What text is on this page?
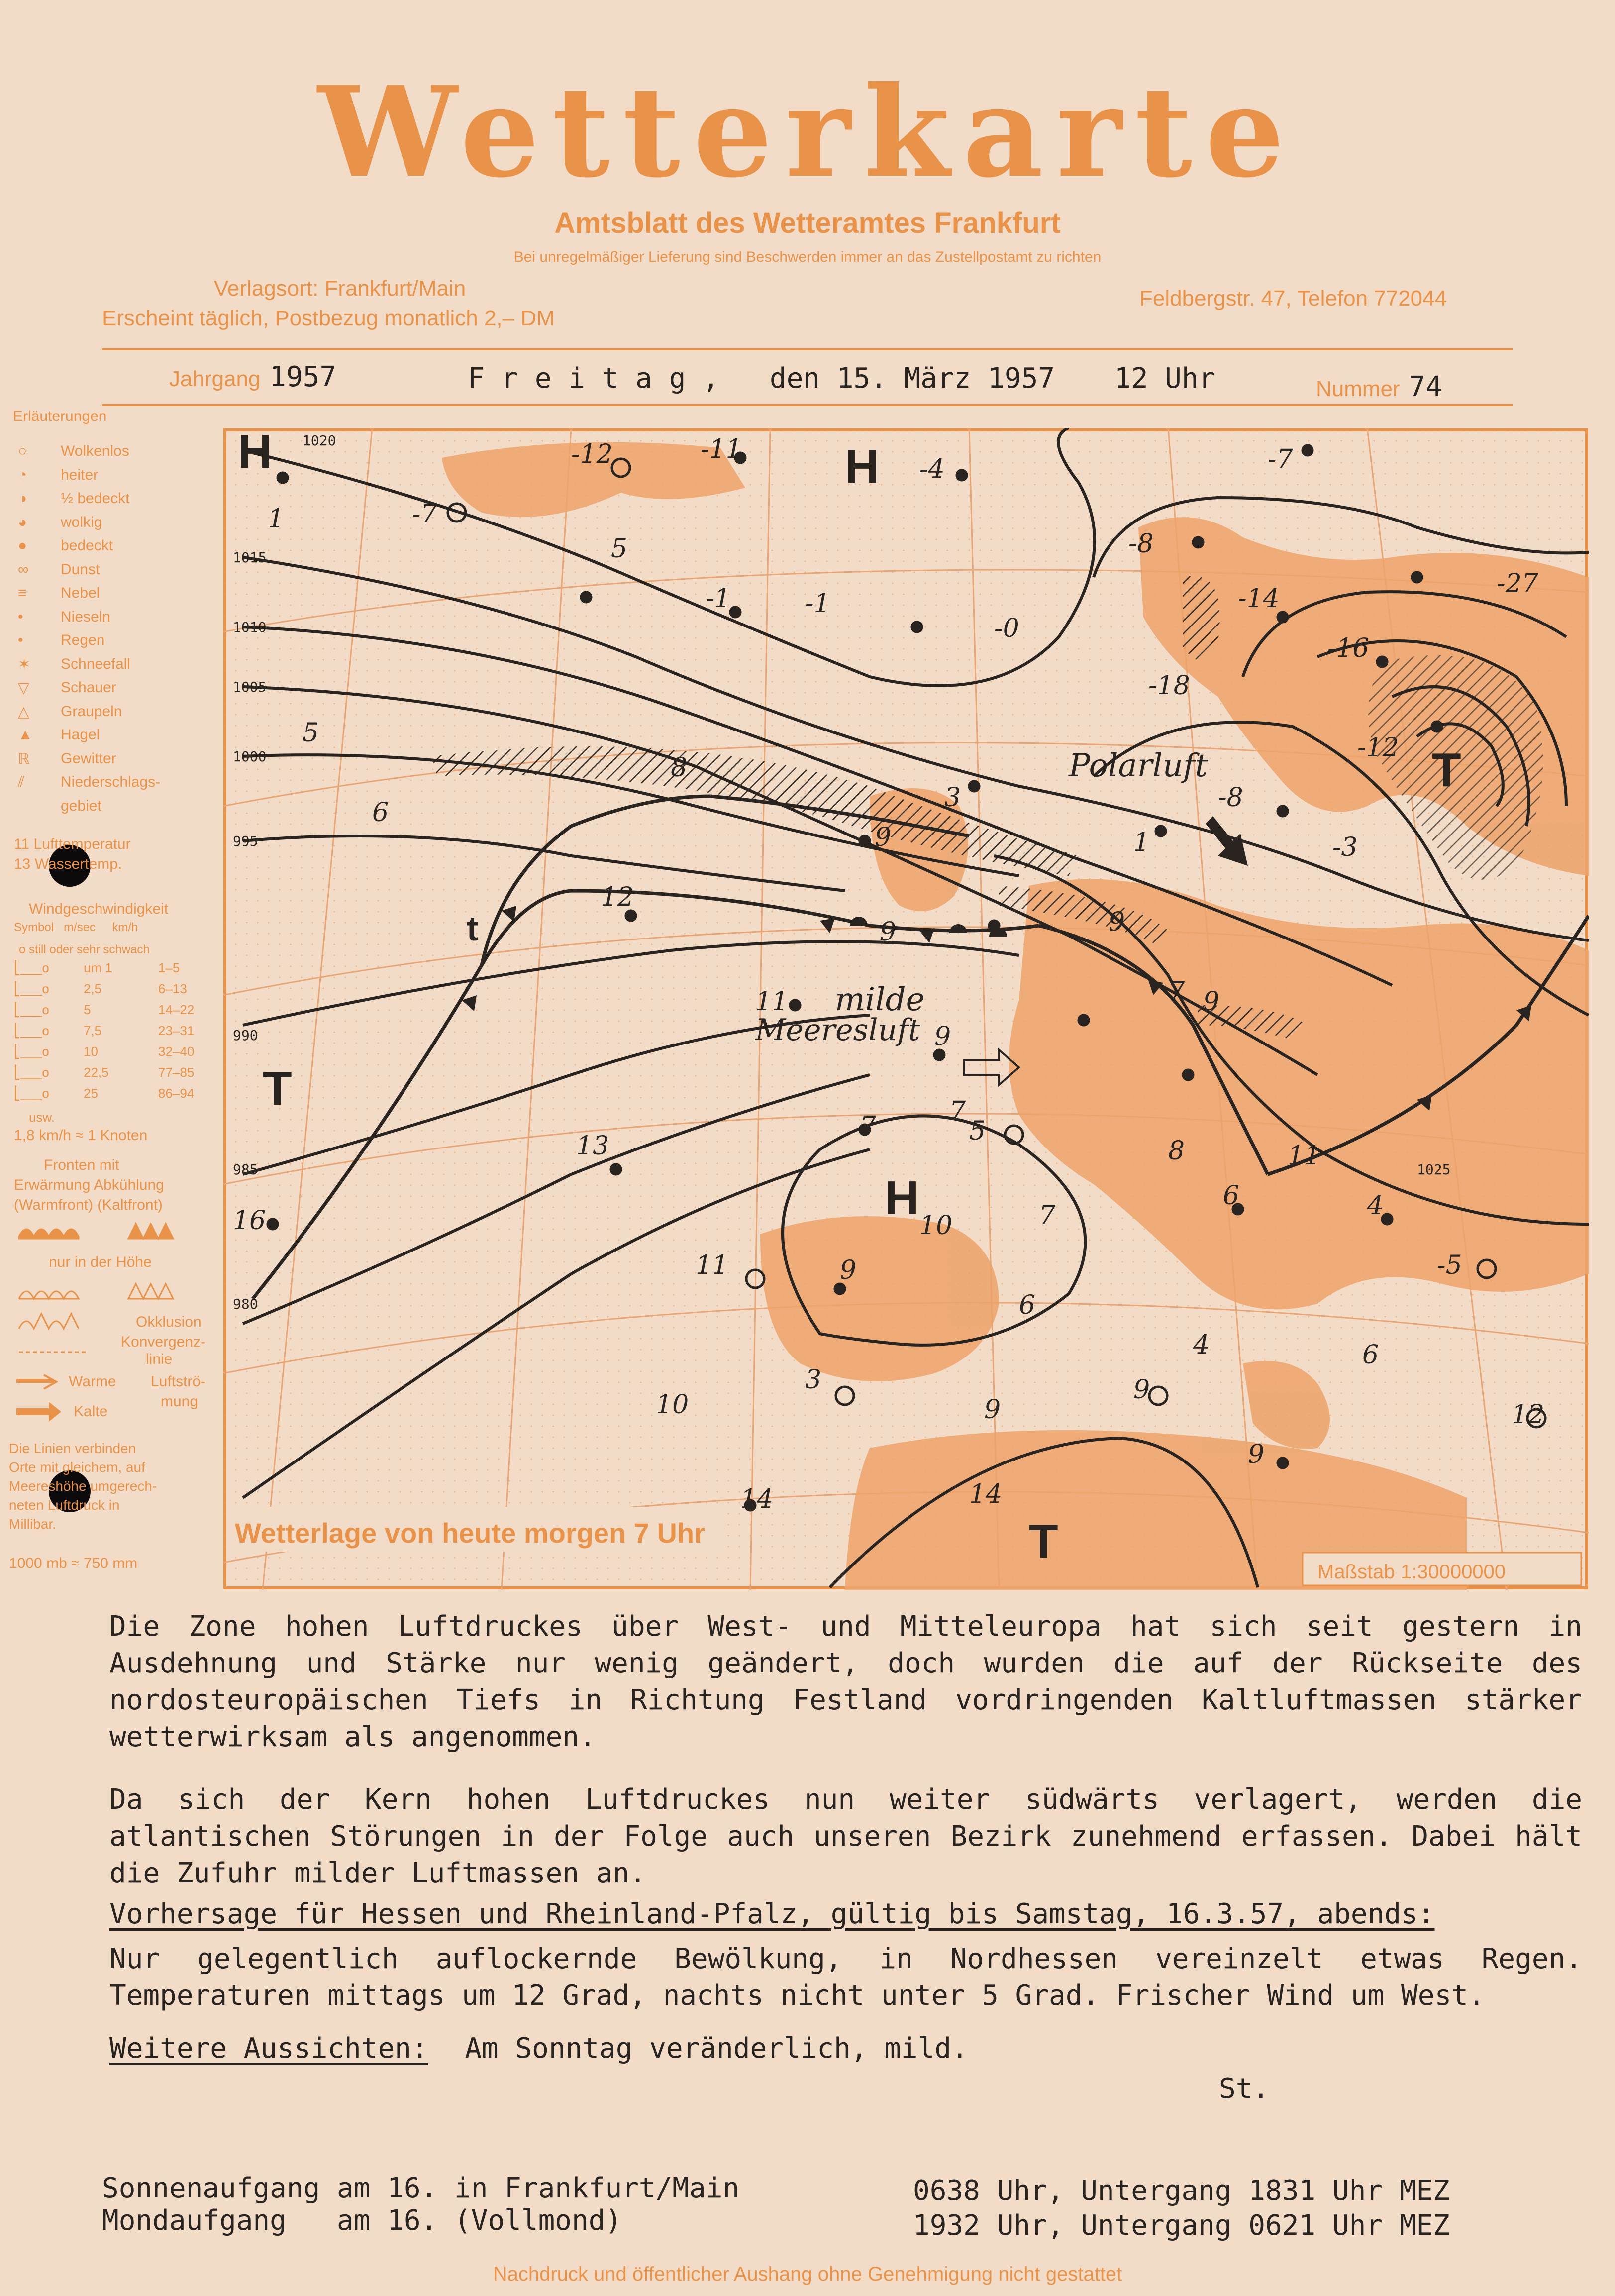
Wetterkarte
Amtsblatt des Wetteramtes Frankfurt
Bei unregelmäßiger Lieferung sind Beschwerden immer an das Zustellpostamt zu richten
Verlagsort: Frankfurt/Main
Erscheint täglich, Postbezug monatlich 2,– DM
Feldbergstr. 47, Telefon 772044
Jahrgang 1957	F r e i t a g ,   den 15. März 1957 12 Uhr	Nummer 74
Erläuterungen
○ Wolkenlos
◔ heiter
◑ ½ bedeckt
◕ wolkig
● bedeckt
∞ Dunst
≡ Nebel
•	Nieseln
•	Regen
✶ Schneefall
▽ Schauer
△ Graupeln
▲ Hagel
ℝ Gewitter
⫽ Niederschlags-
gebiet
11 Lufttemperatur
13 Wassertemp.
Windgeschwindigkeit
Symbol   m/sec     km/h
o still oder sehr schwach
⎣___o	um 1	1–5
⎣___o	2,5	6–13
⎣___o	5	14–22
⎣___o	7,5	23–31
⎣___o	10	32–40
⎣___o	22,5	77–85
⎣___o	25	86–94
usw.
1,8 km/h ≈ 1 Knoten
Fronten mit
Erwärmung Abkühlung
(Warmfront) (Kaltfront)
nur in der Höhe
Okklusion
Konvergenz-
linie
Warme
Kalte
Luftströ-
mung
Die Linien verbinden
Orte mit gleichem, auf
Meereshöhe umgerech-
neten Luftdruck in
Millibar.
1000 mb ≈ 750 mm
Polarluft
milde
Meeresluft
H	H
H
T
T
T
t
1020
1015
1010
1005
1000
995
990
985
980
1025
-12	-11
-7
-4	-7
-1	-1
-0
-8
-14
-16
-18
-12
-27
-8
-3
1
3
8
6
12
9
9	9
11
9
7
7 9
7	5
10	7
6
8	11
6	4
-5
16
11	9
3
10
4	6
12
9
9
9
14	14
5
13
5
1
Wetterlage von heute morgen 7 Uhr
Maßstab 1:30000000

Die Zone hohen Luftdruckes über West- und Mitteleuropa hat sich seit gestern in Ausdehnung und Stärke nur wenig geändert, doch wurden die auf der Rückseite des nordosteuropäischen Tiefs in Richtung Festland vordringenden Kaltluftmassen stärker wetterwirksam als angenommen.

Da sich der Kern hohen Luftdruckes nun weiter südwärts verlagert, werden die atlantischen Störungen in der Folge auch unseren Bezirk zunehmend erfassen. Dabei hält die Zufuhr milder Luftmassen an.

Vorhersage für Hessen und Rheinland-Pfalz, gültig bis Samstag, 16.3.57, abends:

Nur gelegentlich auflockernde Bewölkung, in Nordhessen vereinzelt etwas Regen. Temperaturen mittags um 12 Grad, nachts nicht unter 5 Grad. Frischer Wind um West.

Weitere Aussichten: Am Sonntag veränderlich, mild.
St.
Sonnenaufgang am 16. in Frankfurt/Main	0638 Uhr, Untergang 1831 Uhr MEZ
Mondaufgang   am 16. (Vollmond)	1932 Uhr, Untergang 0621 Uhr MEZ
Nachdruck und öffentlicher Aushang ohne Genehmigung nicht gestattet
